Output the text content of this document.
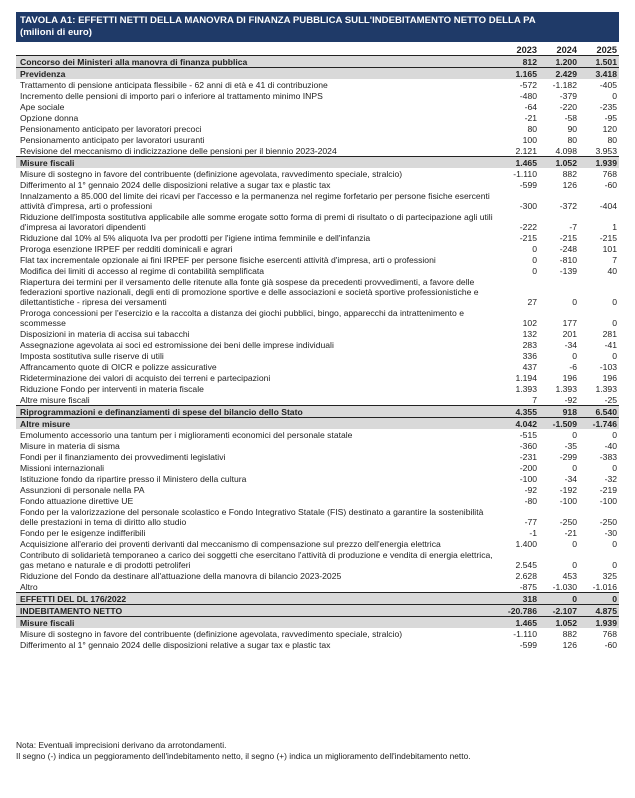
TAVOLA A1: EFFETTI NETTI DELLA MANOVRA DI FINANZA PUBBLICA SULL'INDEBITAMENTO NETTO DELLA PA
(milioni di euro)
	2023	2024	2025
Concorso dei Ministeri alla manovra di finanza pubblica	812	1.200	1.501
Previdenza	1.165	2.429	3.418
Trattamento di pensione anticipata flessibile - 62 anni di età e 41 di contribuzione	-572	-1.182	-405
Incremento delle pensioni di importo pari o inferiore al trattamento minimo INPS	-480	-379	0
Ape sociale	-64	-220	-235
Opzione donna	-21	-58	-95
Pensionamento anticipato per lavoratori precoci	80	90	120
Pensionamento anticipato per lavoratori usuranti	100	80	80
Revisione del meccanismo di indicizzazione delle pensioni per il biennio 2023-2024	2.121	4.098	3.953
Misure fiscali	1.465	1.052	1.939
Misure di sostegno in favore del contribuente (definizione agevolata, ravvedimento speciale, stralcio)	-1.110	882	768
Differimento al 1° gennaio 2024 delle disposizioni relative a sugar tax e plastic tax	-599	126	-60
Innalzamento a 85.000 del limite dei ricavi per l'accesso e la permanenza nel regime forfetario per persone fisiche esercenti attività d'impresa, arti o professioni	-300	-372	-404
Riduzione dell'imposta sostitutiva applicabile alle somme erogate sotto forma di premi di risultato o di partecipazione agli utili d'impresa ai lavoratori dipendenti	-222	-7	1
Riduzione dal 10% al 5% aliquota Iva per prodotti per l'igiene intima femminile e dell'infanzia	-215	-215	-215
Proroga esenzione IRPEF per redditi dominicali e agrari	0	-248	101
Flat tax incrementale opzionale ai fini IRPEF per persone fisiche esercenti attività d'impresa, arti o professioni	0	-810	7
Modifica dei limiti di accesso al regime di contabilità semplificata	0	-139	40
Riapertura dei termini per il versamento delle ritenute alla fonte già sospese da precedenti provvedimenti, a favore delle federazioni sportive nazionali, degli enti di promozione sportive e delle associazioni e società sportive professionistiche e dilettantistiche - ripresa dei versamenti	27	0	0
Proroga concessioni per l'esercizio e la raccolta a distanza dei giochi pubblici, bingo, apparecchi da intrattenimento e scommesse	102	177	0
Disposizioni in materia di accisa sui tabacchi	132	201	281
Assegnazione agevolata ai soci ed estromissione dei beni delle imprese individuali	283	-34	-41
Imposta sostitutiva sulle riserve di utili	336	0	0
Affrancamento quote di OICR e polizze assicurative	437	-6	-103
Rideterminazione dei valori di acquisto dei terreni e partecipazioni	1.194	196	196
Riduzione Fondo per interventi in materia fiscale	1.393	1.393	1.393
Altre misure fiscali	7	-92	-25
Riprogrammazioni e definanziamenti di spese del bilancio dello Stato	4.355	918	6.540
Altre misure	4.042	-1.509	-1.746
Emolumento accessorio una tantum per i miglioramenti economici del personale statale	-515	0	0
Misure in materia di sisma	-360	-35	-40
Fondi per il finanziamento dei provvedimenti legislativi	-231	-299	-383
Missioni internazionali	-200	0	0
Istituzione fondo da ripartire presso il Ministero della cultura	-100	-34	-32
Assunzioni di personale nella PA	-92	-192	-219
Fondo attuazione direttive UE	-80	-100	-100
Fondo per la valorizzazione del personale scolastico e Fondo Integrativo Statale (FIS) destinato a garantire la sostenibilità delle prestazioni in tema di diritto allo studio	-77	-250	-250
Fondo per le esigenze indifferibili	-1	-21	-30
Acquisizione all'erario dei proventi derivanti dal meccanismo di compensazione sul prezzo dell'energia elettrica	1.400	0	0
Contributo di solidarietà temporaneo a carico dei soggetti che esercitano l'attività di produzione e vendita di energia elettrica, gas metano e naturale e di prodotti petroliferi	2.545	0	0
Riduzione del Fondo da destinare all'attuazione della manovra di bilancio 2023-2025	2.628	453	325
Altro	-875	-1.030	-1.016
EFFETTI DEL DL 176/2022	318	0	0
INDEBITAMENTO NETTO	-20.786	-2.107	4.875
Misure fiscali	1.465	1.052	1.939
Misure di sostegno in favore del contribuente (definizione agevolata, ravvedimento speciale, stralcio)	-1.110	882	768
Differimento al 1° gennaio 2024 delle disposizioni relative a sugar tax e plastic tax	-599	126	-60
Nota: Eventuali imprecisioni derivano da arrotondamenti.
Il segno (-) indica un peggioramento dell'indebitamento netto, il segno (+) indica un miglioramento dell'indebitamento netto.
